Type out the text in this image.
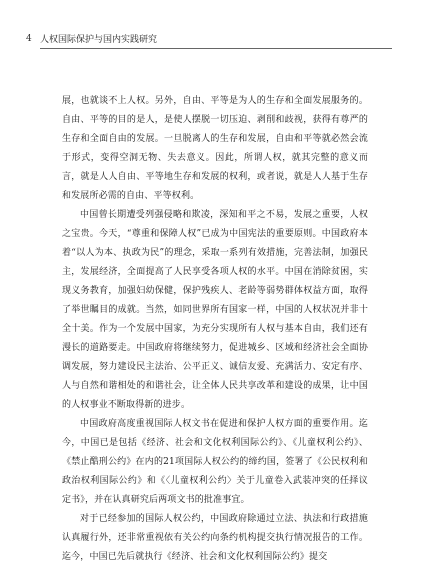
4 人权国际保护与国内实践研究

展，也就谈不上人权。另外，自由、平等是为人的生存和全面发展服务的。自由、平等的目的是人，是使人摆脱一切压迫、剥削和歧视，获得有尊严的生存和全面自由的发展。一旦脱离人的生存和发展，自由和平等就必然会流于形式，变得空洞无物、失去意义。因此，所谓人权，就其完整的意义而言，就是人人自由、平等地生存和发展的权利，或者说，就是人人基于生存和发展所必需的自由、平等权利。

中国曾长期遭受列强侵略和欺凌，深知和平之不易，发展之重要，人权之宝贵。今天，“尊重和保障人权”已成为中国宪法的重要原则。中国政府本着“以人为本、执政为民”的理念，采取一系列有效措施，完善法制，加强民主，发展经济，全面提高了人民享受各项人权的水平。中国在消除贫困，实现义务教育，加强妇幼保健，保护残疾人、老龄等弱势群体权益方面，取得了举世瞩目的成就。当然，如同世界所有国家一样，中国的人权状况并非十全十美。作为一个发展中国家，为充分实现所有人权与基本自由，我们还有漫长的道路要走。中国政府将继续努力，促进城乡、区域和经济社会全面协调发展，努力建设民主法治、公平正义、诚信友爱、充满活力、安定有序、人与自然和谐相处的和谐社会，让全体人民共享改革和建设的成果，让中国的人权事业不断取得新的进步。

中国政府高度重视国际人权文书在促进和保护人权方面的重要作用。迄今，中国已是包括《经济、社会和文化权利国际公约》、《儿童权利公约》、《禁止酷刑公约》在内的21项国际人权公约的缔约国，签署了《公民权利和政治权利国际公约》和《〈儿童权利公约〉关于儿童卷入武装冲突的任择议定书》，并在认真研究后两项文书的批准事宜。

对于已经参加的国际人权公约，中国政府除通过立法、执法和行政措施认真履行外，还非常重视依有关公约向条约机构提交执行情况报告的工作。迄今，中国已先后就执行《经济、社会和文化权利国际公约》提交
